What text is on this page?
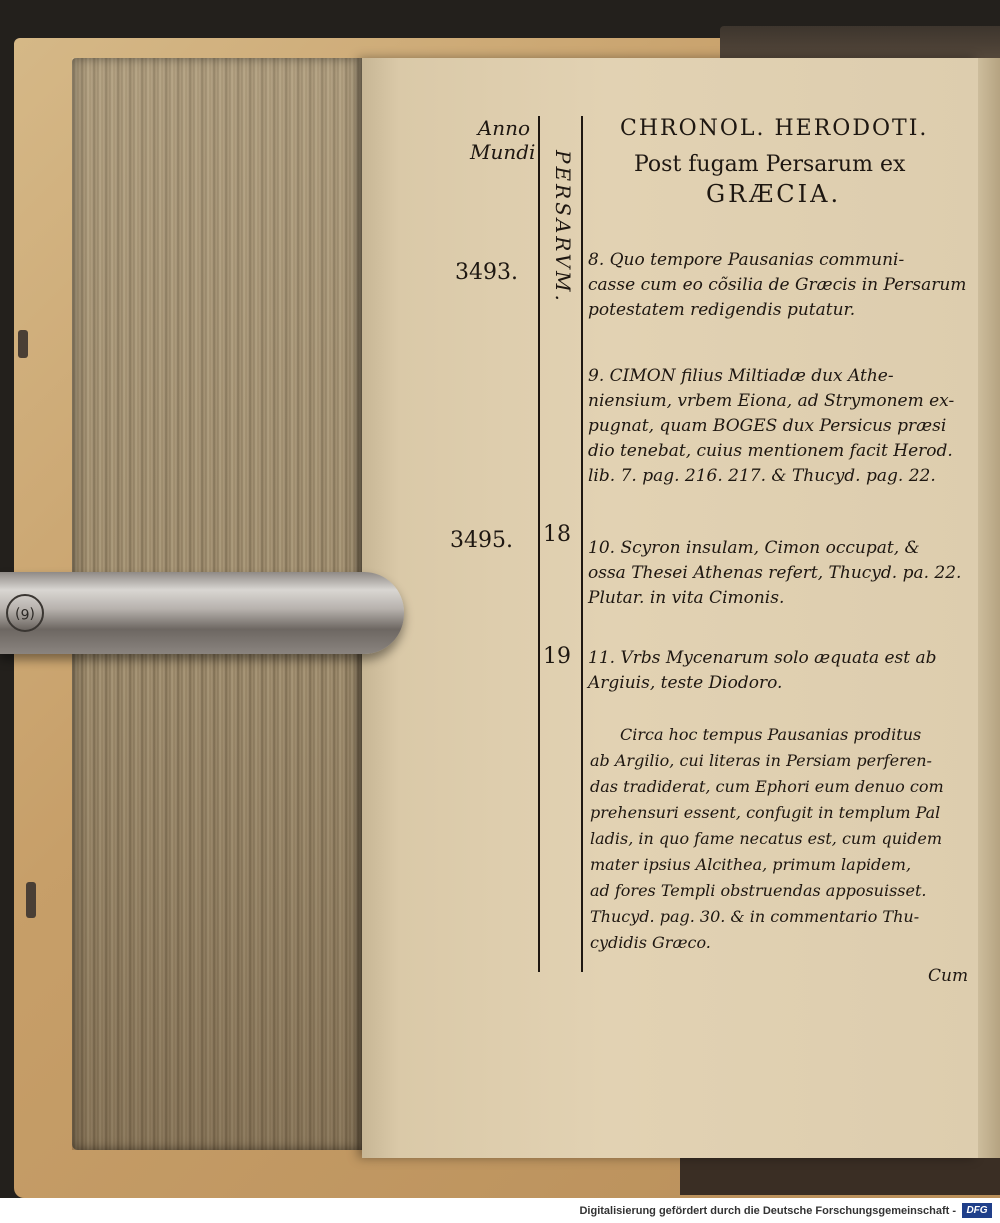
Anno
Mundi
3493.
3495.
PERSARVM.
18
19
CHRONOL. HERODOTI.
Post fugam Persarum ex
GRÆCIA.
8. Quo tempore Pausanias communi-
casse cum eo cõsilia de Græcis in Persarum
potestatem redigendis putatur.
9. CIMON filius Miltiadæ dux Athe-
niensium, vrbem Eiona, ad Strymonem ex-
pugnat, quam BOGES dux Persicus præsi
dio tenebat, cuius mentionem facit Herod.
lib. 7. pag. 216. 217. & Thucyd. pag. 22.
10. Scyron insulam, Cimon occupat, &
ossa Thesei Athenas refert, Thucyd. pa. 22.
Plutar. in vita Cimonis.
11. Vrbs Mycenarum solo æquata est ab
Argiuis, teste Diodoro.
Circa hoc tempus Pausanias proditus
ab Argilio, cui literas in Persiam perferen-
das tradiderat, cum Ephori eum denuo com
prehensuri essent, confugit in templum Pal
ladis, in quo fame necatus est, cum quidem
mater ipsius Alcithea, primum lapidem,
ad fores Templi obstruendas apposuisset.
Thucyd. pag. 30. & in commentario Thu-
cydidis Græco.
Cum
(6)
Digitalisierung gefördert durch die Deutsche Forschungsgemeinschaft -	DFG
